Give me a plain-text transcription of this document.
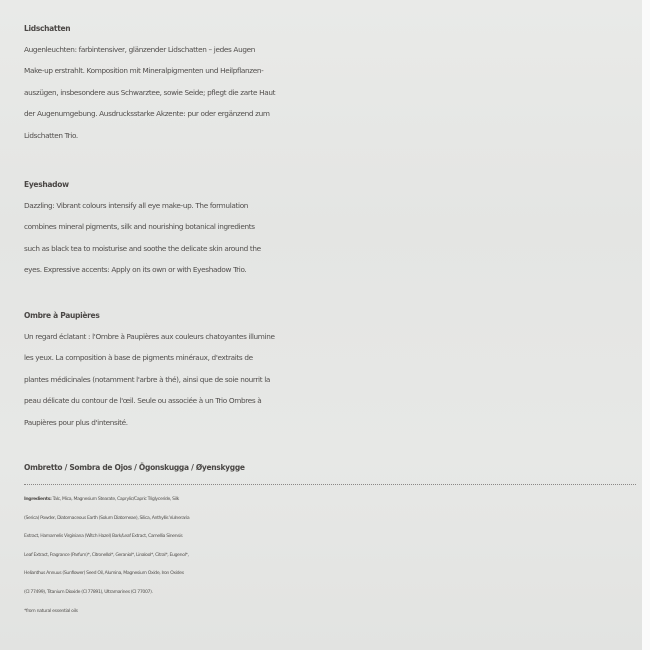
Lidschatten
Augenleuchten: farbintensiver, glänzender Lidschatten – jedes Augen
Make-up erstrahlt. Komposition mit Mineralpigmenten und Heilpflanzen-
auszügen, insbesondere aus Schwarztee, sowie Seide; pflegt die zarte Haut
der Augenumgebung. Ausdrucksstarke Akzente: pur oder ergänzend zum
Lidschatten Trio.
Eyeshadow
Dazzling: Vibrant colours intensify all eye make-up. The formulation
combines mineral pigments, silk and nourishing botanical ingredients
such as black tea to moisturise and soothe the delicate skin around the
eyes. Expressive accents: Apply on its own or with Eyeshadow Trio.
Ombre à Paupières
Un regard éclatant : l'Ombre à Paupières aux couleurs chatoyantes illumine
les yeux. La composition à base de pigments minéraux, d'extraits de
plantes médicinales (notamment l'arbre à thé), ainsi que de soie nourrit la
peau délicate du contour de l'œil. Seule ou associée à un Trio Ombres à
Paupières pour plus d'intensité.
Ombretto / Sombra de Ojos / Ögonskugga / Øyenskygge
Ingredients: Talc, Mica, Magnesium Stearate, Caprylic/Capric Triglyceride, Silk
(Serica) Powder, Diatomaceous Earth (Solum Diatomeae), Silica, Anthyllis Vulneraria
Extract, Hamamelis Virginiana (Witch Hazel) Bark/Leaf Extract, Camellia Sinensis
Leaf Extract, Fragrance (Parfum)*, Citronellol*, Geraniol*, Linalool*, Citral*, Eugenol*,
Helianthus Annuus (Sunflower) Seed Oil, Alumina, Magnesium Oxide, Iron Oxides
(CI 77499), Titanium Dioxide (CI 77891), Ultramarines (CI 77007).
*from natural essential oils
